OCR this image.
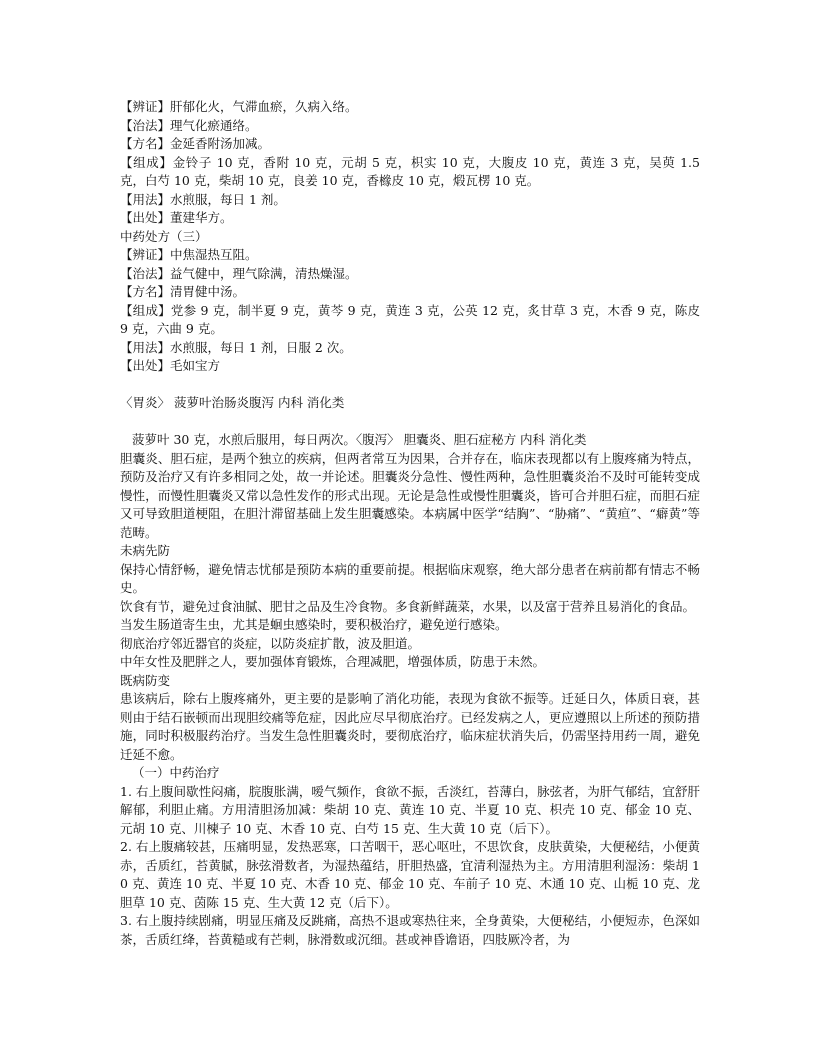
【辨证】肝郁化火，气滞血瘀，久病入络。

【治法】理气化瘀通络。

【方名】金延香附汤加减。

【组成】金铃子 10 克，香附 10 克，元胡 5 克，枳实 10 克，大腹皮 10 克，黄连 3 克，吴萸 1.5 克，白芍 10 克，柴胡 10 克，良姜 10 克，香橼皮 10 克，煅瓦楞 10 克。

【用法】水煎服，每日 1 剂。

【出处】董建华方。

中药处方（三）

【辨证】中焦湿热互阻。

【治法】益气健中，理气除满，清热燥湿。

【方名】清胃健中汤。

【组成】党参 9 克，制半夏 9 克，黄芩 9 克，黄连 3 克，公英 12 克，炙甘草 3 克，木香 9 克，陈皮 9 克，六曲 9 克。

【用法】水煎服，每日 1 剂，日服 2 次。

【出处】毛如宝方

〈胃炎〉 菠萝叶治肠炎腹泻 内科 消化类

菠萝叶 30 克，水煎后服用，每日两次。〈腹泻〉 胆囊炎、胆石症秘方 内科 消化类

胆囊炎、胆石症，是两个独立的疾病，但两者常互为因果，合并存在，临床表现都以有上腹疼痛为特点，预防及治疗又有许多相同之处，故一并论述。胆囊炎分急性、慢性两种，急性胆囊炎治不及时可能转变成慢性，而慢性胆囊炎又常以急性发作的形式出现。无论是急性或慢性胆囊炎，皆可合并胆石症，而胆石症又可导致胆道梗阻，在胆汁滞留基础上发生胆囊感染。本病属中医学“结胸”、“胁痛”、“黄疸”、“癖黄”等范畴。

未病先防

保持心情舒畅，避免情志忧郁是预防本病的重要前提。根据临床观察，绝大部分患者在病前都有情志不畅史。

饮食有节，避免过食油腻、肥甘之品及生冷食物。多食新鲜蔬菜，水果，以及富于营养且易消化的食品。

当发生肠道寄生虫，尤其是蛔虫感染时，要积极治疗，避免逆行感染。

彻底治疗邻近器官的炎症，以防炎症扩散，波及胆道。

中年女性及肥胖之人，要加强体育锻炼，合理减肥，增强体质，防患于未然。

既病防变

患该病后，除右上腹疼痛外，更主要的是影响了消化功能，表现为食欲不振等。迁延日久，体质日衰，甚则由于结石嵌顿而出现胆绞痛等危症，因此应尽早彻底治疗。已经发病之人，更应遵照以上所述的预防措施，同时积极服药治疗。当发生急性胆囊炎时，要彻底治疗，临床症状消失后，仍需坚持用药一周，避免迁延不愈。

（一）中药治疗

1. 右上腹间歇性闷痛，脘腹胀满，嗳气频作，食欲不振，舌淡红，苔薄白，脉弦者，为肝气郁结，宜舒肝解郁，利胆止痛。方用清胆汤加减：柴胡 10 克、黄连 10 克、半夏 10 克、枳壳 10 克、郁金 10 克、元胡 10 克、川楝子 10 克、木香 10 克、白芍 15 克、生大黄 10 克（后下）。

2. 右上腹痛较甚，压痛明显，发热恶寒，口苦咽干，恶心呕吐，不思饮食，皮肤黄染，大便秘结，小便黄赤，舌质红，苔黄腻，脉弦滑数者，为湿热蕴结，肝胆热盛，宜清利湿热为主。方用清胆利湿汤：柴胡 10 克、黄连 10 克、半夏 10 克、木香 10 克、郁金 10 克、车前子 10 克、木通 10 克、山栀 10 克、龙胆草 10 克、茵陈 15 克、生大黄 12 克（后下）。

3. 右上腹持续剧痛，明显压痛及反跳痛，高热不退或寒热往来，全身黄染，大便秘结，小便短赤，色深如茶，舌质红绛，苔黄糙或有芒刺，脉滑数或沉细。甚或神昏谵语，四肢厥冷者，为
